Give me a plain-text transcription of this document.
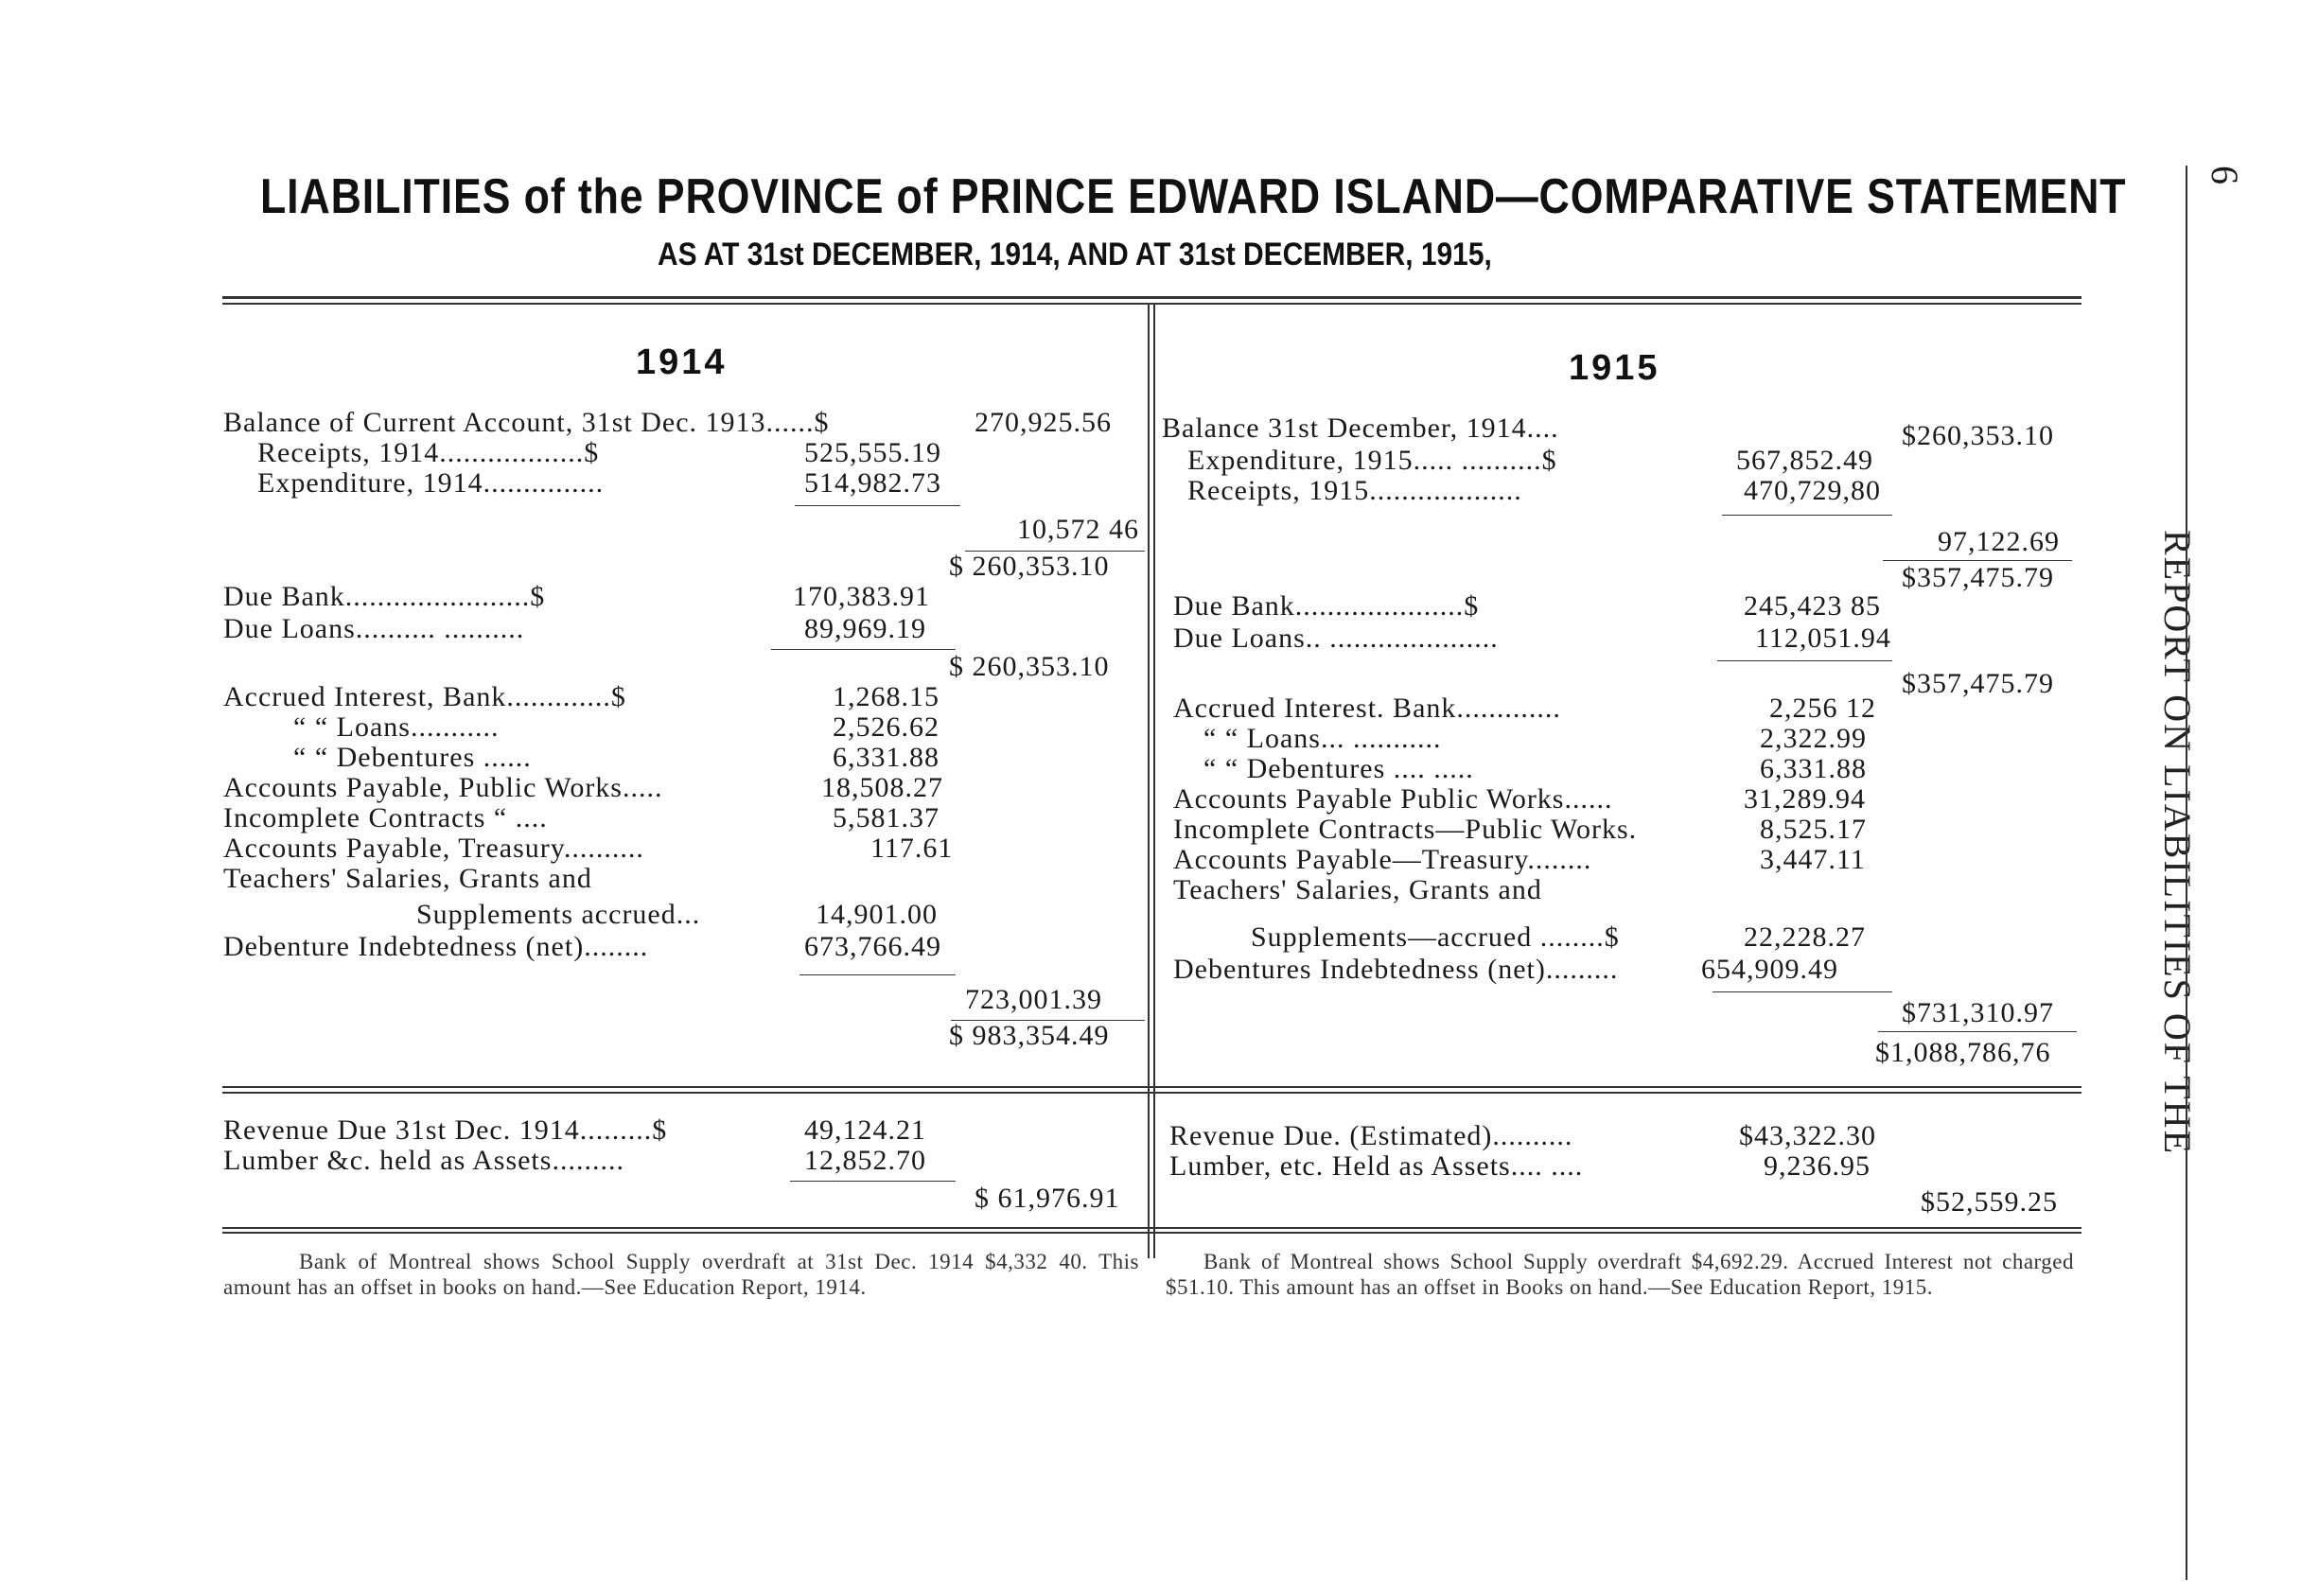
LIABILITIES of the PROVINCE of PRINCE EDWARD ISLAND—COMPARATIVE STATEMENT
AS AT 31st DECEMBER, 1914, AND AT 31st DECEMBER, 1915,
6
REPORT ON LIABILITIES OF THE
1914
Balance of Current Account, 31st Dec. 1913......$	270,925.56
Receipts, 1914..................$	525,555.19
Expenditure, 1914...............	514,982.73
10,572 46
$ 260,353.10
Due Bank.......................$	170,383.91
Due Loans.......... ..........	89,969.19
$ 260,353.10
Accrued Interest, Bank.............$	1,268.15
“ “ Loans...........	2,526.62
“ “ Debentures ......	6,331.88
Accounts Payable, Public Works.....	18,508.27
Incomplete Contracts “ ....	5,581.37
Accounts Payable, Treasury..........	117.61
Teachers' Salaries, Grants and
Supplements accrued...	14,901.00
Debenture Indebtedness (net)........	673,766.49
723,001.39
$ 983,354.49
Revenue Due 31st Dec. 1914.........$	49,124.21
Lumber &c. held as Assets.........	12,852.70
$ 61,976.91
Bank of Montreal shows School Supply overdraft at 31st Dec. 1914 $4,332 40. This amount has an offset in books on hand.—See Education Report, 1914.
1915
Balance 31st December, 1914....	$260,353.10
Expenditure, 1915..... ..........$	567,852.49
Receipts, 1915...................	470,729,80
97,122.69
$357,475.79
Due Bank.....................$	245,423 85
Due Loans.. .....................	112,051.94
$357,475.79
Accrued Interest. Bank.............	2,256 12
“ “ Loans... ...........	2,322.99
“ “ Debentures .... .....	6,331.88
Accounts Payable Public Works......	31,289.94
Incomplete Contracts—Public Works.	8,525.17
Accounts Payable—Treasury........	3,447.11
Teachers' Salaries, Grants and
Supplements—accrued ........$	22,228.27
Debentures Indebtedness (net).........	654,909.49
$731,310.97
$1,088,786,76
Revenue Due. (Estimated)..........	$43,322.30
Lumber, etc. Held as Assets.... ....	9,236.95
$52,559.25
Bank of Montreal shows School Supply overdraft $4,692.29. Accrued Interest not charged $51.10. This amount has an offset in Books on hand.—See Education Report, 1915.
